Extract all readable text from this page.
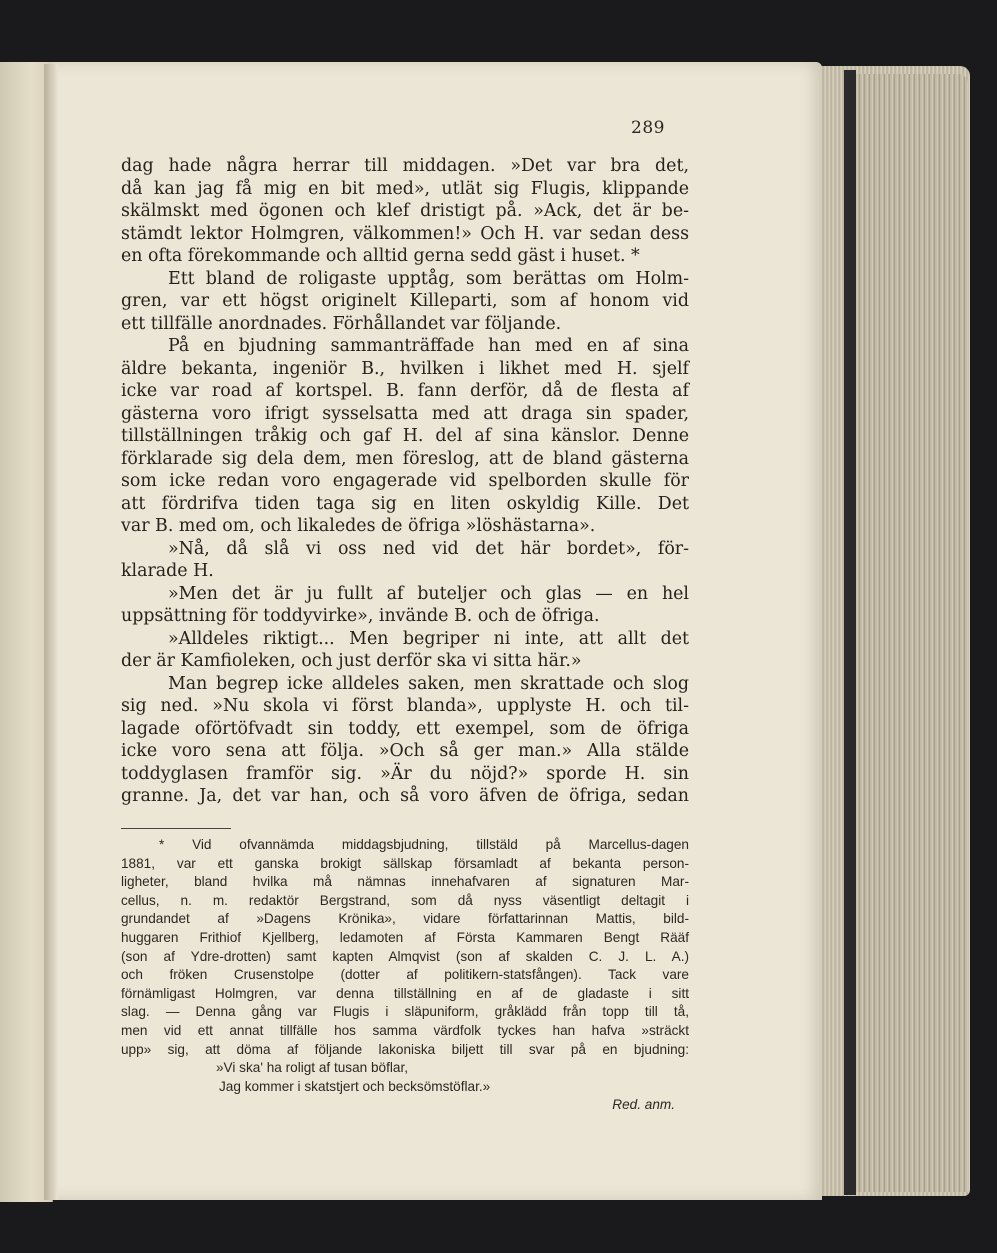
289
dag hade några herrar till middagen. »Det var bra det,
då kan jag få mig en bit med», utlät sig Flugis, klippande
skälmskt med ögonen och klef dristigt på. »Ack, det är be-
stämdt lektor Holmgren, välkommen!» Och H. var sedan dess
en ofta förekommande och alltid gerna sedd gäst i huset. *
Ett bland de roligaste upptåg, som berättas om Holm-
gren, var ett högst originelt Killeparti, som af honom vid
ett tillfälle anordnades. Förhållandet var följande.
På en bjudning sammanträffade han med en af sina
äldre bekanta, ingeniör B., hvilken i likhet med H. sjelf
icke var road af kortspel. B. fann derför, då de flesta af
gästerna voro ifrigt sysselsatta med att draga sin spader,
tillställningen tråkig och gaf H. del af sina känslor. Denne
förklarade sig dela dem, men föreslog, att de bland gästerna
som icke redan voro engagerade vid spelborden skulle för
att fördrifva tiden taga sig en liten oskyldig Kille. Det
var B. med om, och likaledes de öfriga »löshästarna».
»Nå, då slå vi oss ned vid det här bordet», för-
klarade H.
»Men det är ju fullt af buteljer och glas — en hel
uppsättning för toddyvirke», invände B. och de öfriga.
»Alldeles riktigt... Men begriper ni inte, att allt det
der är Kamfioleken, och just derför ska vi sitta här.»
Man begrep icke alldeles saken, men skrattade och slog
sig ned. »Nu skola vi först blanda», upplyste H. och til-
lagade oförtöfvadt sin toddy, ett exempel, som de öfriga
icke voro sena att följa. »Och så ger man.» Alla stälde
toddyglasen framför sig. »Är du nöjd?» sporde H. sin
granne. Ja, det var han, och så voro äfven de öfriga, sedan
* Vid ofvannämda middagsbjudning, tillstäld på Marcellus-dagen
1881, var ett ganska brokigt sällskap församladt af bekanta person-
ligheter, bland hvilka må nämnas innehafvaren af signaturen Mar-
cellus, n. m. redaktör Bergstrand, som då nyss väsentligt deltagit i
grundandet af »Dagens Krönika», vidare författarinnan Mattis, bild-
huggaren Frithiof Kjellberg, ledamoten af Första Kammaren Bengt Rääf
(son af Ydre-drotten) samt kapten Almqvist (son af skalden C. J. L. A.)
och fröken Crusenstolpe (dotter af politikern-statsfången). Tack vare
förnämligast Holmgren, var denna tillställning en af de gladaste i sitt
slag. — Denna gång var Flugis i släpuniform, gråklädd från topp till tå,
men vid ett annat tillfälle hos samma värdfolk tyckes han hafva »sträckt
upp» sig, att döma af följande lakoniska biljett till svar på en bjudning:
»Vi ska' ha roligt af tusan böflar,
Jag kommer i skatstjert och becksömstöflar.»
Red. anm.
